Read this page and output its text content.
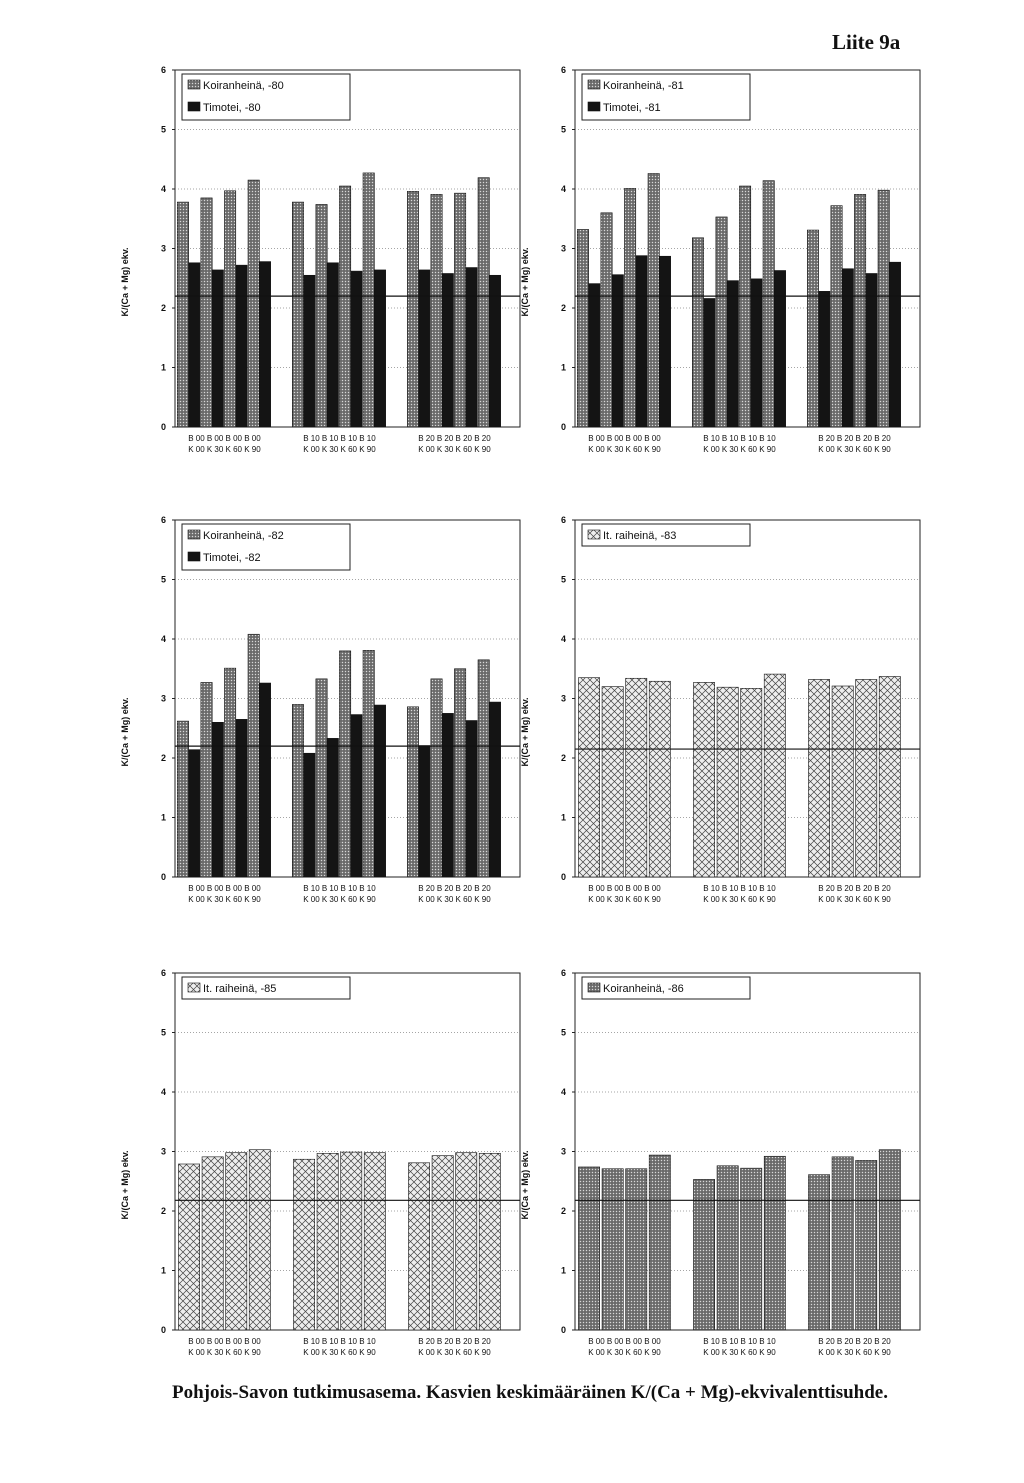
Liite 9a
0
1
2
3
4
5
6
B 00 B 00 B 00 B 00
K 00 K 30 K 60 K 90
B 10 B 10 B 10 B 10
K 00 K 30 K 60 K 90
B 20 B 20 B 20 B 20
K 00 K 30 K 60 K 90
Koiranheinä, -80
Timotei, -80
K/(Ca + Mg) ekv.
0
1
2
3
4
5
6
B 00 B 00 B 00 B 00
K 00 K 30 K 60 K 90
B 10 B 10 B 10 B 10
K 00 K 30 K 60 K 90
B 20 B 20 B 20 B 20
K 00 K 30 K 60 K 90
Koiranheinä, -81
Timotei, -81
K/(Ca + Mg) ekv.
0
1
2
3
4
5
6
B 00 B 00 B 00 B 00
K 00 K 30 K 60 K 90
B 10 B 10 B 10 B 10
K 00 K 30 K 60 K 90
B 20 B 20 B 20 B 20
K 00 K 30 K 60 K 90
Koiranheinä, -82
Timotei, -82
K/(Ca + Mg) ekv.
0
1
2
3
4
5
6
B 00 B 00 B 00 B 00
K 00 K 30 K 60 K 90
B 10 B 10 B 10 B 10
K 00 K 30 K 60 K 90
B 20 B 20 B 20 B 20
K 00 K 30 K 60 K 90
It. raiheinä, -83
K/(Ca + Mg) ekv.
0
1
2
3
4
5
6
B 00 B 00 B 00 B 00
K 00 K 30 K 60 K 90
B 10 B 10 B 10 B 10
K 00 K 30 K 60 K 90
B 20 B 20 B 20 B 20
K 00 K 30 K 60 K 90
It. raiheinä, -85
K/(Ca + Mg) ekv.
0
1
2
3
4
5
6
B 00 B 00 B 00 B 00
K 00 K 30 K 60 K 90
B 10 B 10 B 10 B 10
K 00 K 30 K 60 K 90
B 20 B 20 B 20 B 20
K 00 K 30 K 60 K 90
Koiranheinä, -86
K/(Ca + Mg) ekv.
Pohjois-Savon tutkimusasema. Kasvien keskimääräinen K/(Ca + Mg)-ekvivalenttisuhde.
